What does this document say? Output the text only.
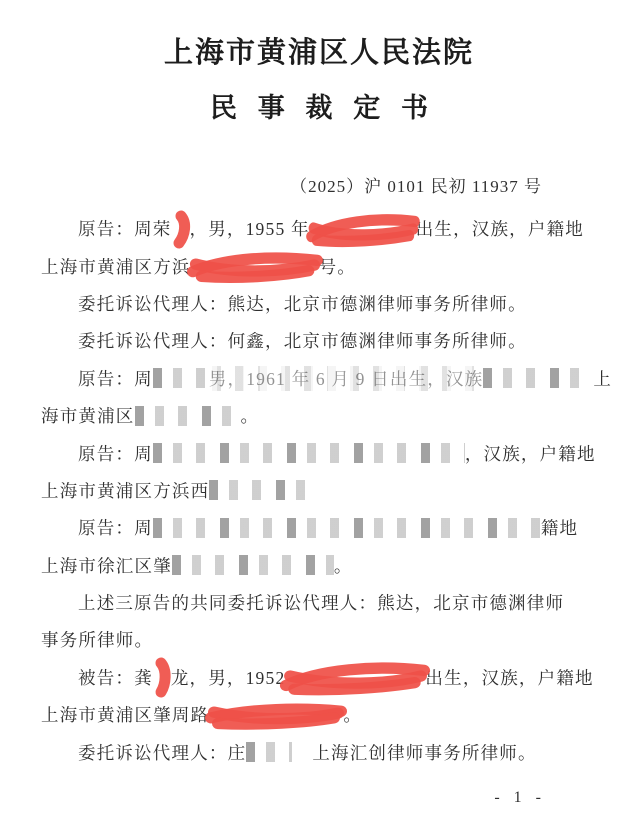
上海市黄浦区人民法院
民 事 裁 定 书
（2025）沪 0101 民初 11937 号
原告：周荣 ，男，1955 年	出生，汉族，户籍地
上海市黄浦区方浜	号。
委托诉讼代理人：熊达，北京市德渊律师事务所律师。
委托诉讼代理人：何鑫，北京市德渊律师事务所律师。
原告：周	男，1961 年 6 月 9 日出生，汉族	上
海市黄浦区	。
原告：周	，汉族，户籍地
上海市黄浦区方浜西
原告：周	籍地
上海市徐汇区肇	。
上述三原告的共同委托诉讼代理人：熊达，北京市德渊律师
事务所律师。
被告：龚 龙，男，1952	出生，汉族，户籍地
上海市黄浦区肇周路	。
委托诉讼代理人：庄	上海汇创律师事务所律师。
- 1 -
